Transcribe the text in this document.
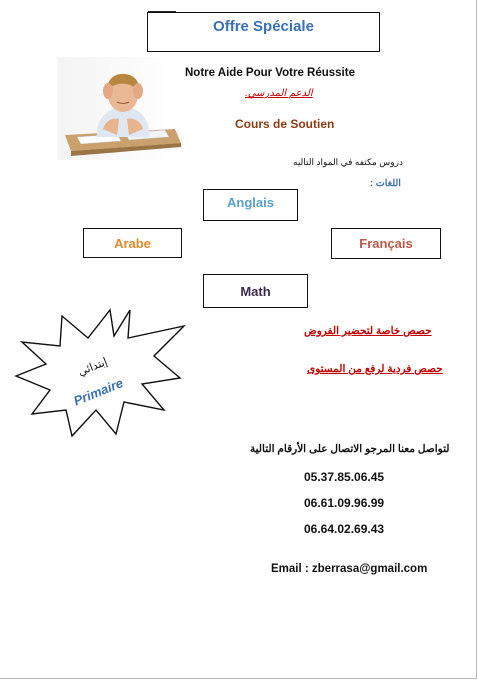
Offre Spéciale
Notre Aide Pour Votre Réussite
الدعم المدرسي.
Cours de Soutien
دروس مكثفه في المواد التاليه
اللغات :
Anglais
Arabe	Français
Math
حصص خاصة لتحضير الفروض
حصص فردية لرفع من المستوى
إبتدائي
Primaire
لتواصل معنا المرجو الاتصال على الأرقام التالية
05.37.85.06.45
06.61.09.96.99
06.64.02.69.43
Email : zberrasa@gmail.com
